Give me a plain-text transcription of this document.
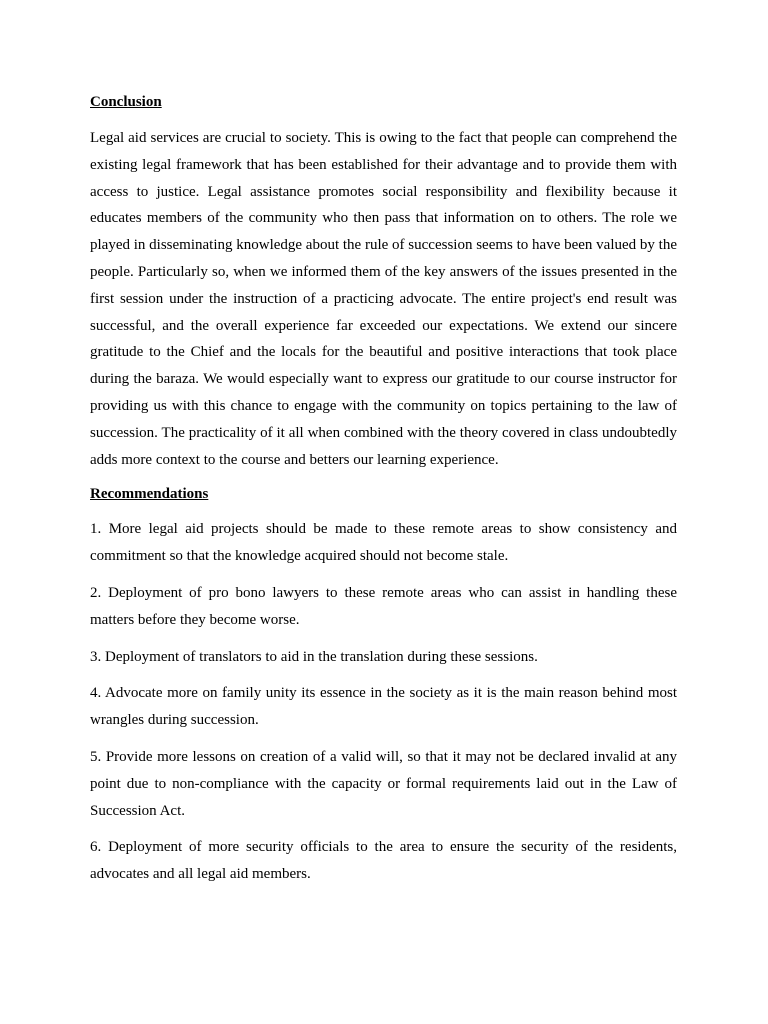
Conclusion

Legal aid services are crucial to society. This is owing to the fact that people can comprehend the existing legal framework that has been established for their advantage and to provide them with access to justice. Legal assistance promotes social responsibility and flexibility because it educates members of the community who then pass that information on to others. The role we played in disseminating knowledge about the rule of succession seems to have been valued by the people. Particularly so, when we informed them of the key answers of the issues presented in the first session under the instruction of a practicing advocate. The entire project's end result was successful, and the overall experience far exceeded our expectations. We extend our sincere gratitude to the Chief and the locals for the beautiful and positive interactions that took place during the baraza. We would especially want to express our gratitude to our course instructor for providing us with this chance to engage with the community on topics pertaining to the law of succession. The practicality of it all when combined with the theory covered in class undoubtedly adds more context to the course and betters our learning experience.

Recommendations

1. More legal aid projects should be made to these remote areas to show consistency and commitment so that the knowledge acquired should not become stale.

2. Deployment of pro bono lawyers to these remote areas who can assist in handling these matters before they become worse.

3. Deployment of translators to aid in the translation during these sessions.

4. Advocate more on family unity its essence in the society as it is the main reason behind most wrangles during succession.

5. Provide more lessons on creation of a valid will, so that it may not be declared invalid at any point due to non-compliance with the capacity or formal requirements laid out in the Law of Succession Act.

6. Deployment of more security officials to the area to ensure the security of the residents, advocates and all legal aid members.
